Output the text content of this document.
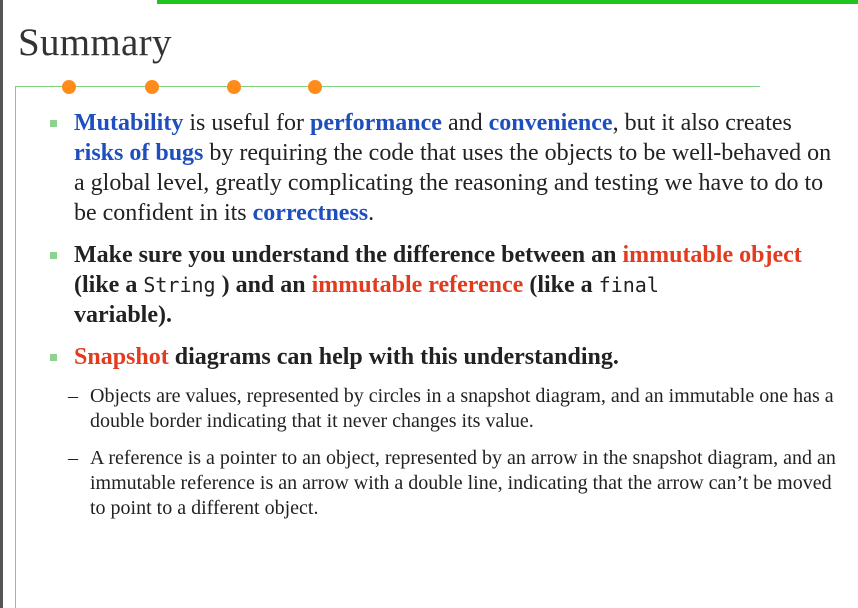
Summary

Mutability is useful for performance and convenience, but it also creates risks of bugs by requiring the code that uses the objects to be well-behaved on a global level, greatly complicating the reasoning and testing we have to do to be confident in its correctness.

Make sure you understand the difference between an immutable object (like a String ) and an immutable reference (like a final
variable).

Snapshot diagrams can help with this understanding.

– Objects are values, represented by circles in a snapshot diagram, and an immutable one has a double border indicating that it never changes its value.
– A reference is a pointer to an object, represented by an arrow in the snapshot diagram, and an immutable reference is an arrow with a double line, indicating that the arrow can’t be moved to point to a different object.
